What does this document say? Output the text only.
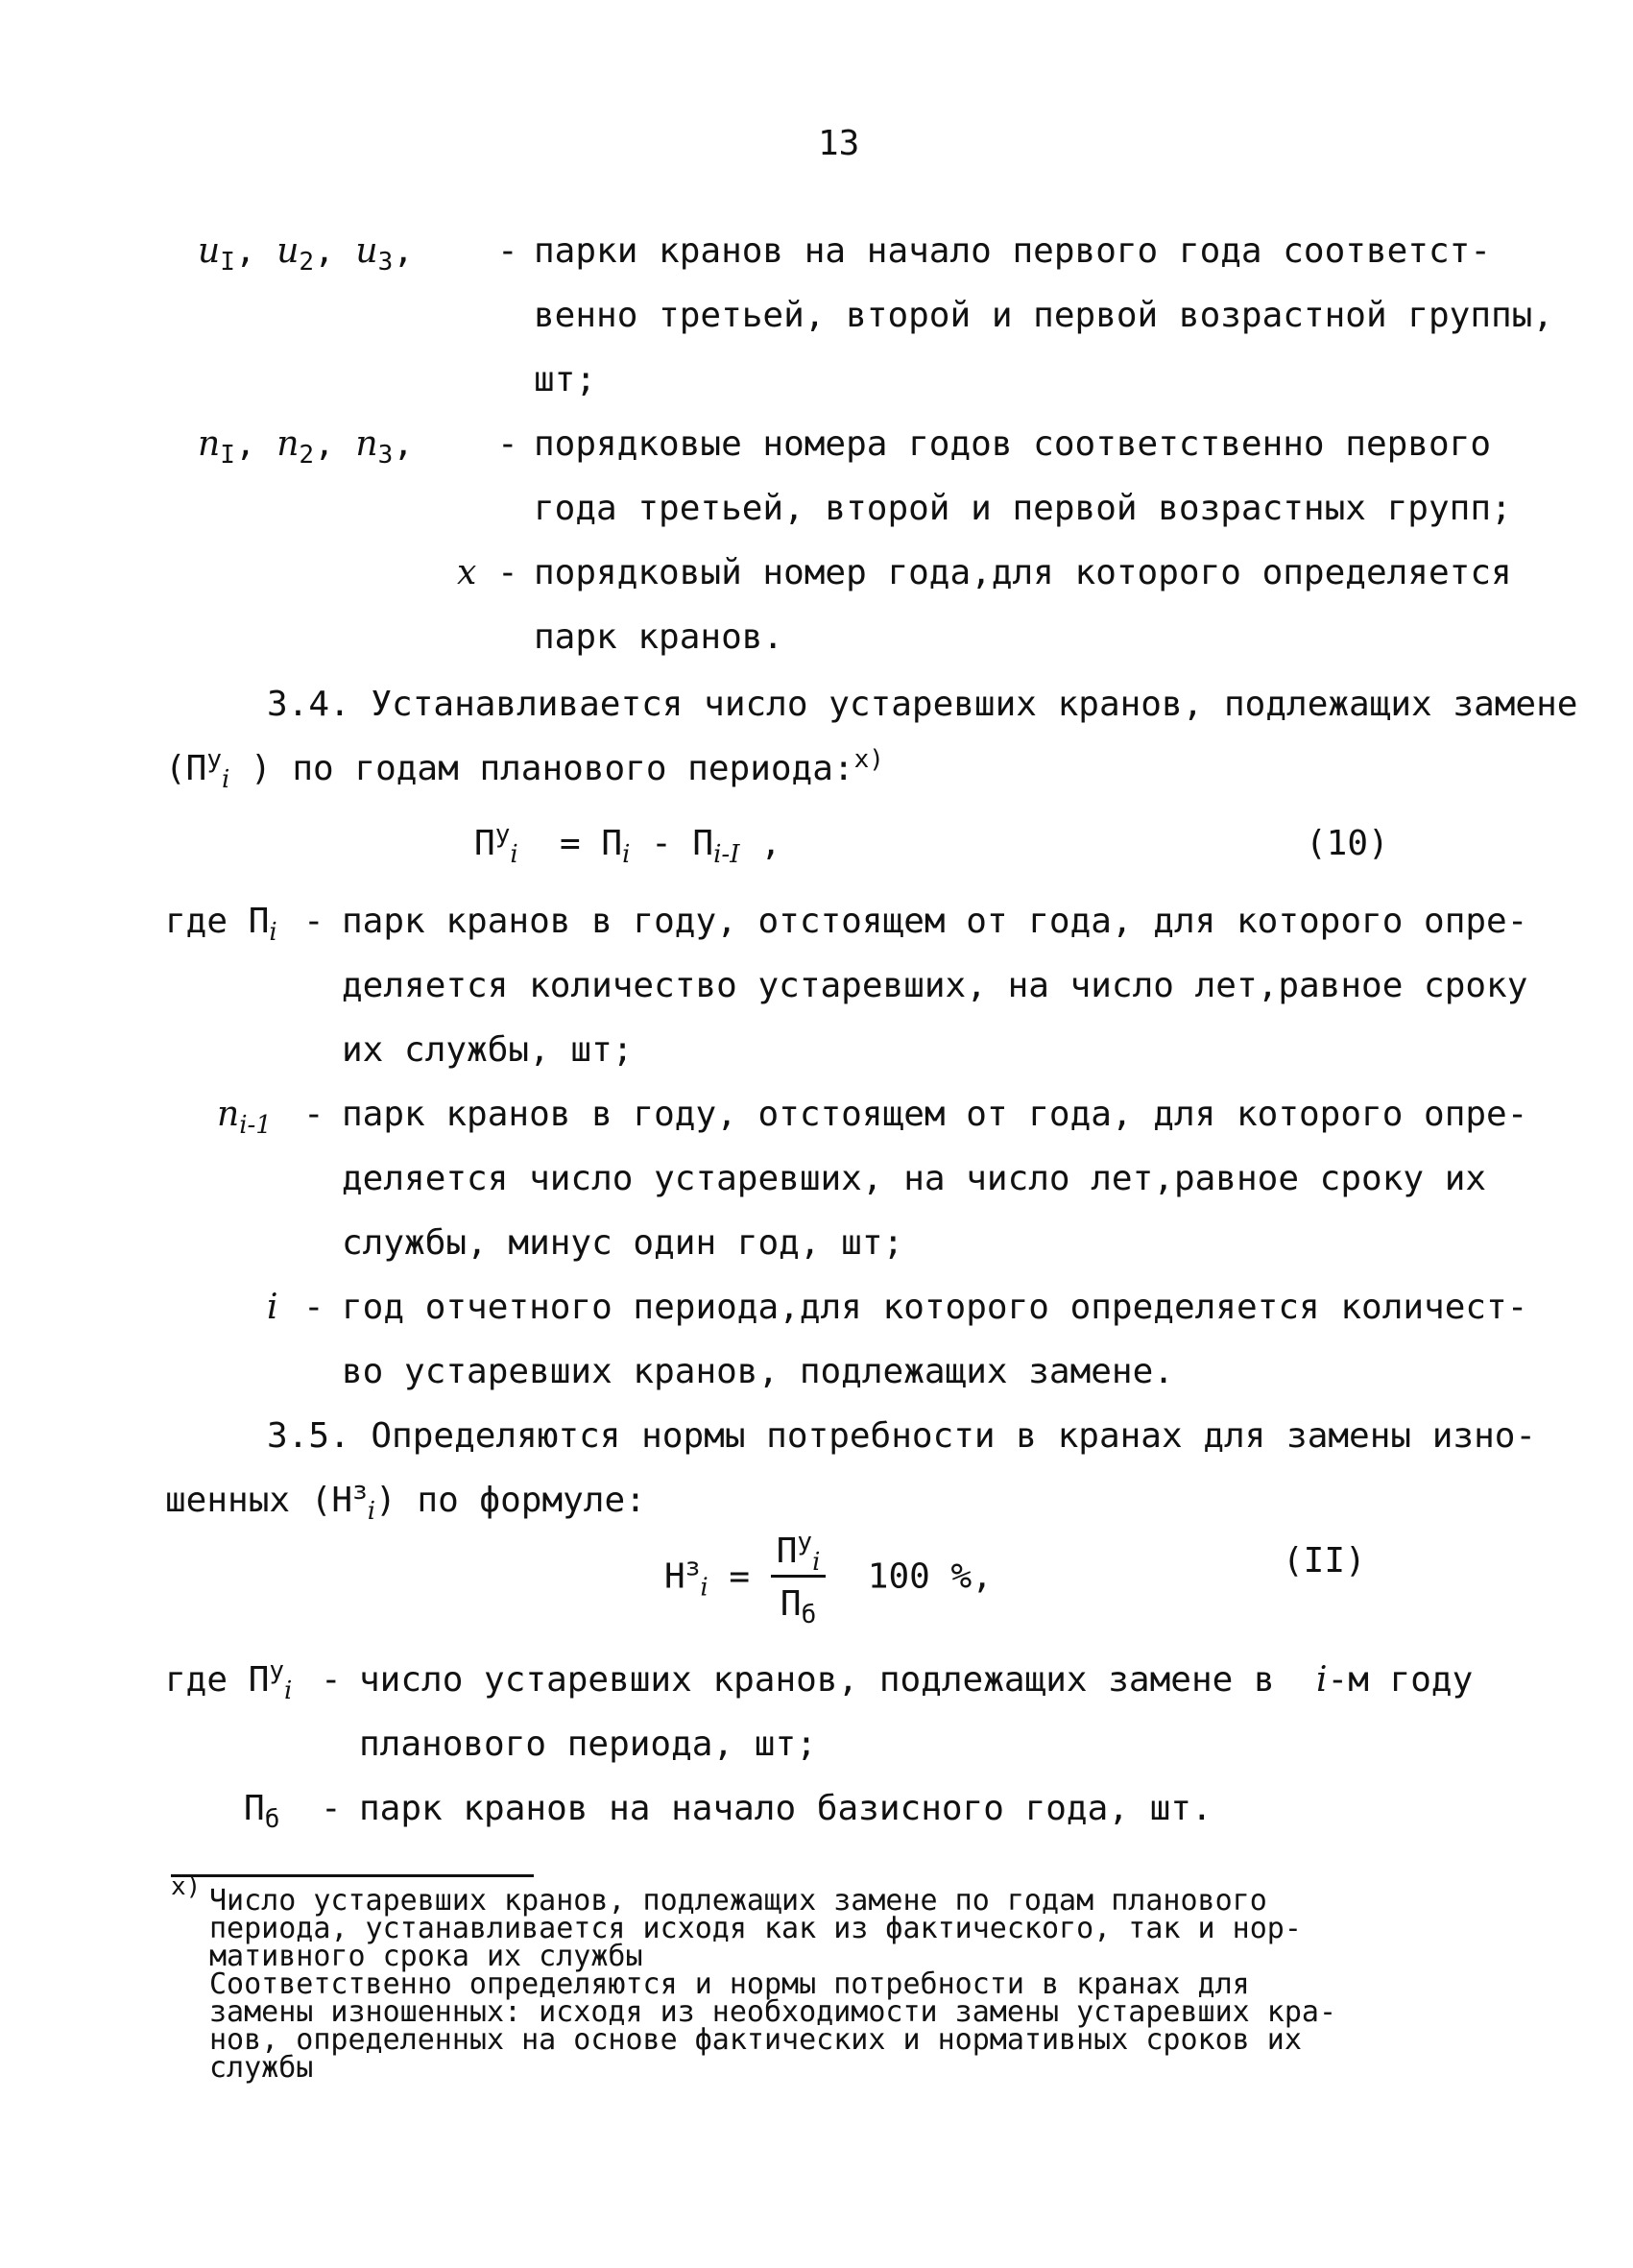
13
$u_I$, $u_2$, $u_3$, - парки кранов на начало первого года соответст-
венно третьей, второй и первой возрастной группы,
шт;
$n_I$, $n_2$, $n_3$, - порядковые номера годов соответственно первого
года третьей, второй и первой возрастных групп;
x - порядковый номер года,для которого определяется
парк кранов.
3.4. Устанавливается число устаревших кранов, подлежащих замене
($П^у_i$ ) по годам планового периода:$^{x)}$
$П^у_i = П_i - П_{i-I}$ ,	(10)
где $П_i$ - парк кранов в году, отстоящем от года, для которого опре-
деляется количество устаревших, на число лет,равное сроку
их службы, шт;
$n_{i-1}$ - парк кранов в году, отстоящем от года, для которого опре-
деляется число устаревших, на число лет,равное сроку их
службы, минус один год, шт;
i - год отчетного периода,для которого определяется количест-
во устаревших кранов, подлежащих замене.
3.5. Определяются нормы потребности в кранах для замены изно-
шенных $(Н^з_i)$ по формуле:
$Н^з_i = \frac{П^у_i}{П_б} 100$ %,	(II)
где $П^у_i$ - число устаревших кранов, подлежащих замене в i-м году
планового периода, шт;
$П_б$ - парк кранов на начало базисного года, шт.
$^{x)}$ Число устаревших кранов, подлежащих замене по годам планового
периода, устанавливается исходя как из фактического, так и нор-
мативного срока их службы
Соответственно определяются и нормы потребности в кранах для
замены изношенных: исходя из необходимости замены устаревших кра-
нов, определенных на основе фактических и нормативных сроков их
службы
